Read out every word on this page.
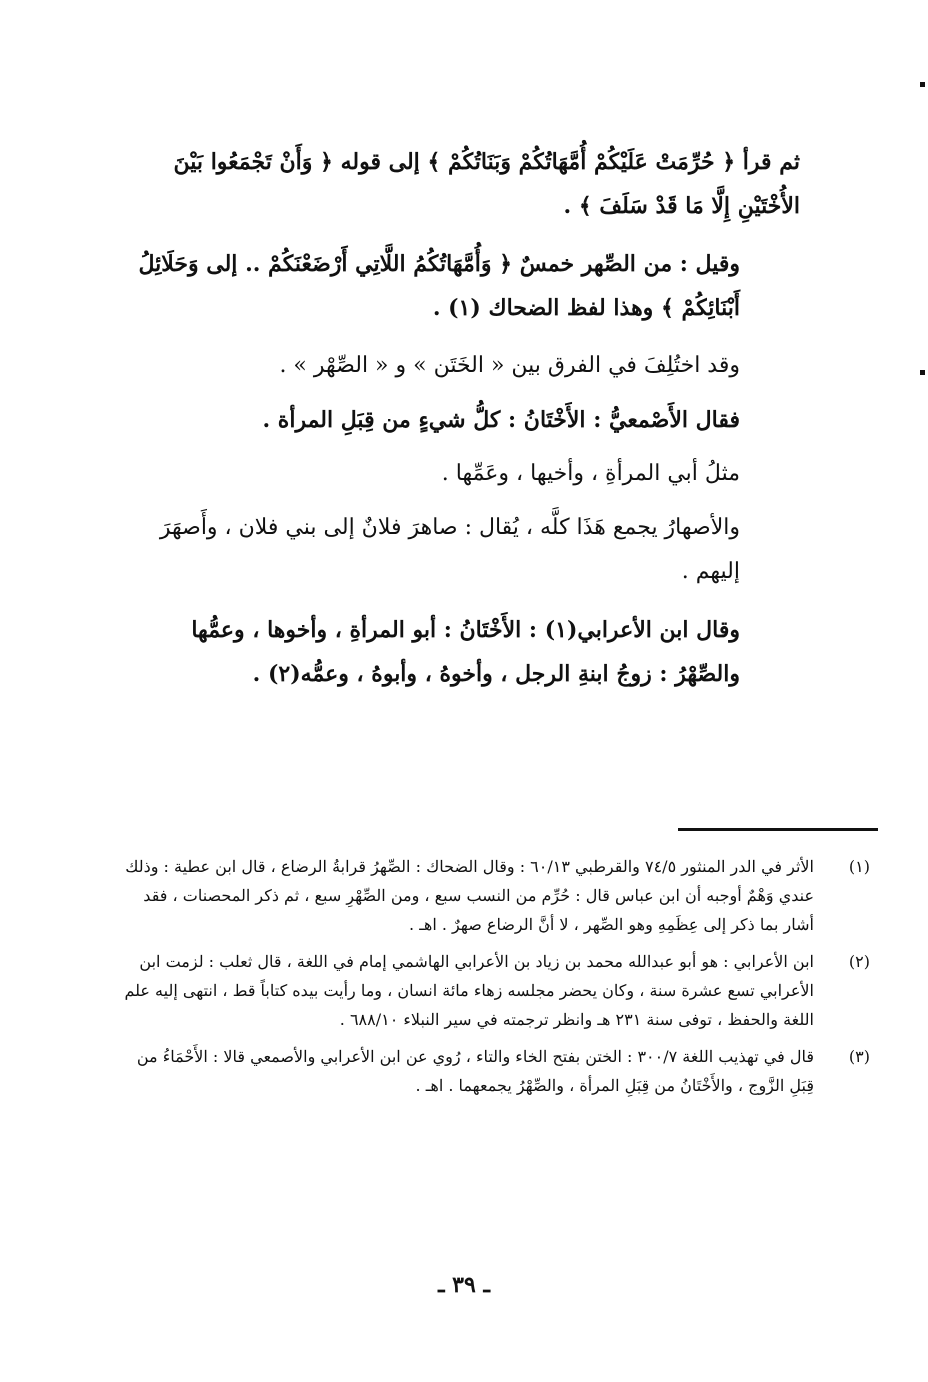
ثم قرأ ﴿ حُرِّمَتْ عَلَيْكُمْ أُمَّهَاتُكُمْ وَبَنَاتُكُمْ ﴾ إلى قوله ﴿ وَأَنْ تَجْمَعُوا بَيْنَ الأُخْتَيْنِ إِلَّا مَا قَدْ سَلَفَ ﴾ .

وقيل : من الصِّهر خمسٌ ﴿ وَأُمَّهَاتُكُمُ اللَّاتِي أَرْضَعْنَكُمْ .. إلى وَحَلَائِلُ أَبْنَائِكُمْ ﴾ وهذا لفظ الضحاك (١) .

وقد اختُلِفَ في الفرق بين « الخَتَن » و « الصِّهْر » .

فقال الأَصْمعيُّ : الأَخْتَانُ : كلُّ شيءٍ من قِبَلِ المرأة .

مثلُ أبي المرأةِ ، وأخيها ، وعَمِّها .

والأصهارُ يجمع هَذَا كلَّه ، يُقال : صاهرَ فلانٌ إلى بني فلان ، وأَصهَرَ إليهم .

وقال ابن الأعرابي(١) : الأَخْتَانُ : أبو المرأةِ ، وأخوها ، وعمُّها والصِّهْرُ : زوجُ ابنةِ الرجل ، وأخوهُ ، وأبوهُ ، وعمُّه(٢) .

(١)
الأثر في الدر المنثور ٧٤/٥ والقرطبي ٦٠/١٣ : وقال الضحاك : الصِّهرُ قرابةُ الرضاع ، قال ابن عطية : وذلك عندي وَهْمٌ أوجبه أن ابن عباس قال : حُرِّم من النسب سبع ، ومن الصِّهْرِ سبع ، ثم ذكر المحصنات ، فقد أشار بما ذكر إلى عِظَمِهِ وهو الصِّهر ، لا أنَّ الرضاع صهرٌ . اهـ .
(٢)
ابن الأعرابي : هو أبو عبدالله محمد بن زياد بن الأعرابي الهاشمي إمام في اللغة ، قال ثعلب : لزمت ابن الأعرابي تسع عشرة سنة ، وكان يحضر مجلسه زهاء مائة انسان ، وما رأيت بيده كتاباً قط ، انتهى إليه علم اللغة والحفظ ، توفى سنة ٢٣١ هـ وانظر ترجمته في سير النبلاء ٦٨٨/١٠ .
(٣)
قال في تهذيب اللغة ٣٠٠/٧ : الختن بفتح الخاء والتاء ، رُوي عن ابن الأعرابي والأصمعي قالا : الأَحْمَاءُ من قِبَلِ الزَّوج ، والأَخْتَانُ من قِبَلِ المرأة ، والصِّهْرُ يجمعهما . اهـ .
ـ ٣٩ ـ
